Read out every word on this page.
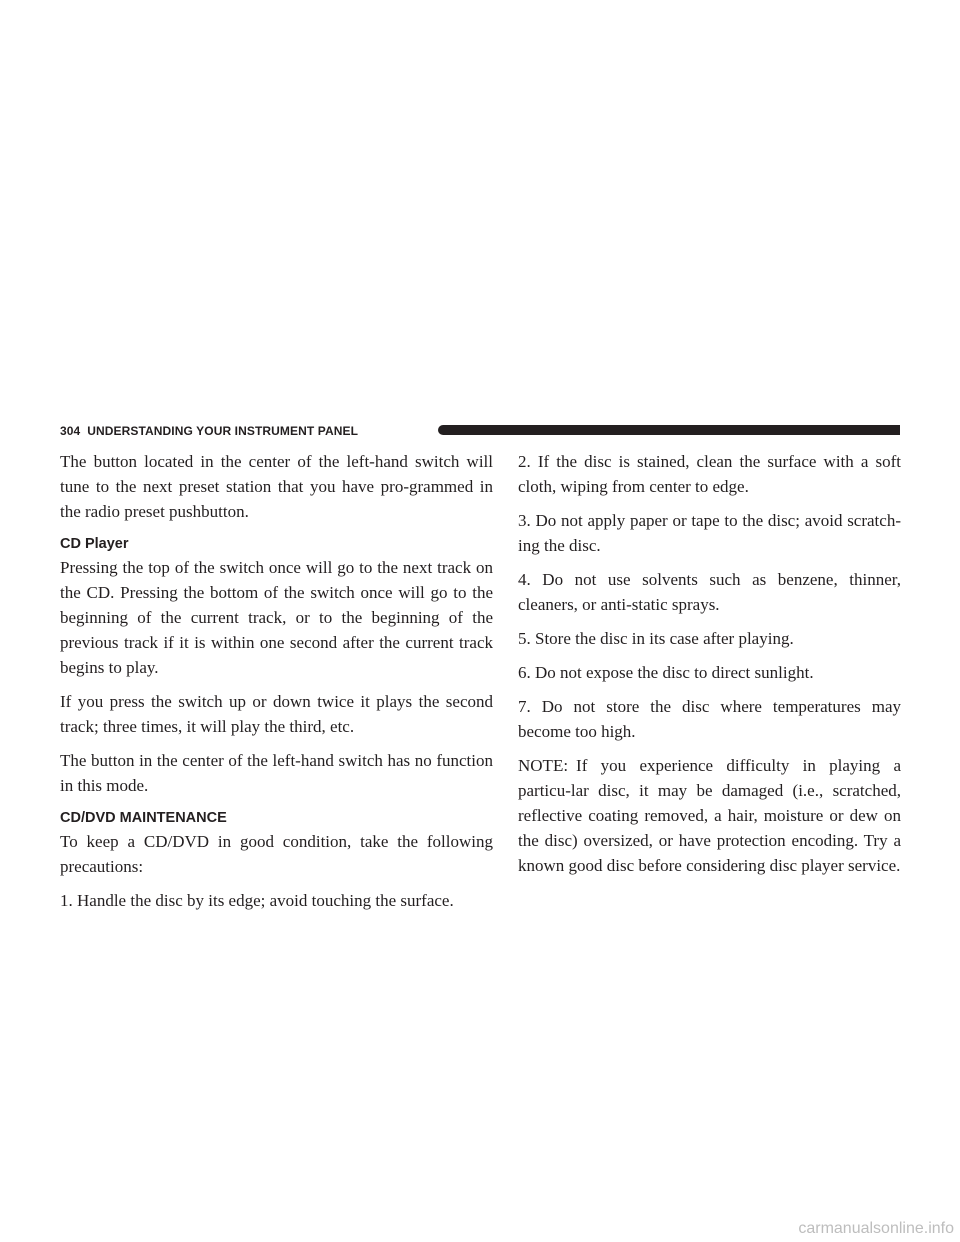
304 UNDERSTANDING YOUR INSTRUMENT PANEL

The button located in the center of the left-hand switch will tune to the next preset station that you have pro-grammed in the radio preset pushbutton.

CD Player

Pressing the top of the switch once will go to the next track on the CD. Pressing the bottom of the switch once will go to the beginning of the current track, or to the beginning of the previous track if it is within one second after the current track begins to play.

If you press the switch up or down twice it plays the second track; three times, it will play the third, etc.

The button in the center of the left-hand switch has no function in this mode.

CD/DVD MAINTENANCE

To keep a CD/DVD in good condition, take the following precautions:

1. Handle the disc by its edge; avoid touching the surface.

2. If the disc is stained, clean the surface with a soft cloth, wiping from center to edge.

3. Do not apply paper or tape to the disc; avoid scratch-ing the disc.

4. Do not use solvents such as benzene, thinner, cleaners, or anti-static sprays.

5. Store the disc in its case after playing.

6. Do not expose the disc to direct sunlight.

7. Do not store the disc where temperatures may become too high.

NOTE: If you experience difficulty in playing a particu-lar disc, it may be damaged (i.e., scratched, reflective coating removed, a hair, moisture or dew on the disc) oversized, or have protection encoding. Try a known good disc before considering disc player service.

carmanualsonline.info
